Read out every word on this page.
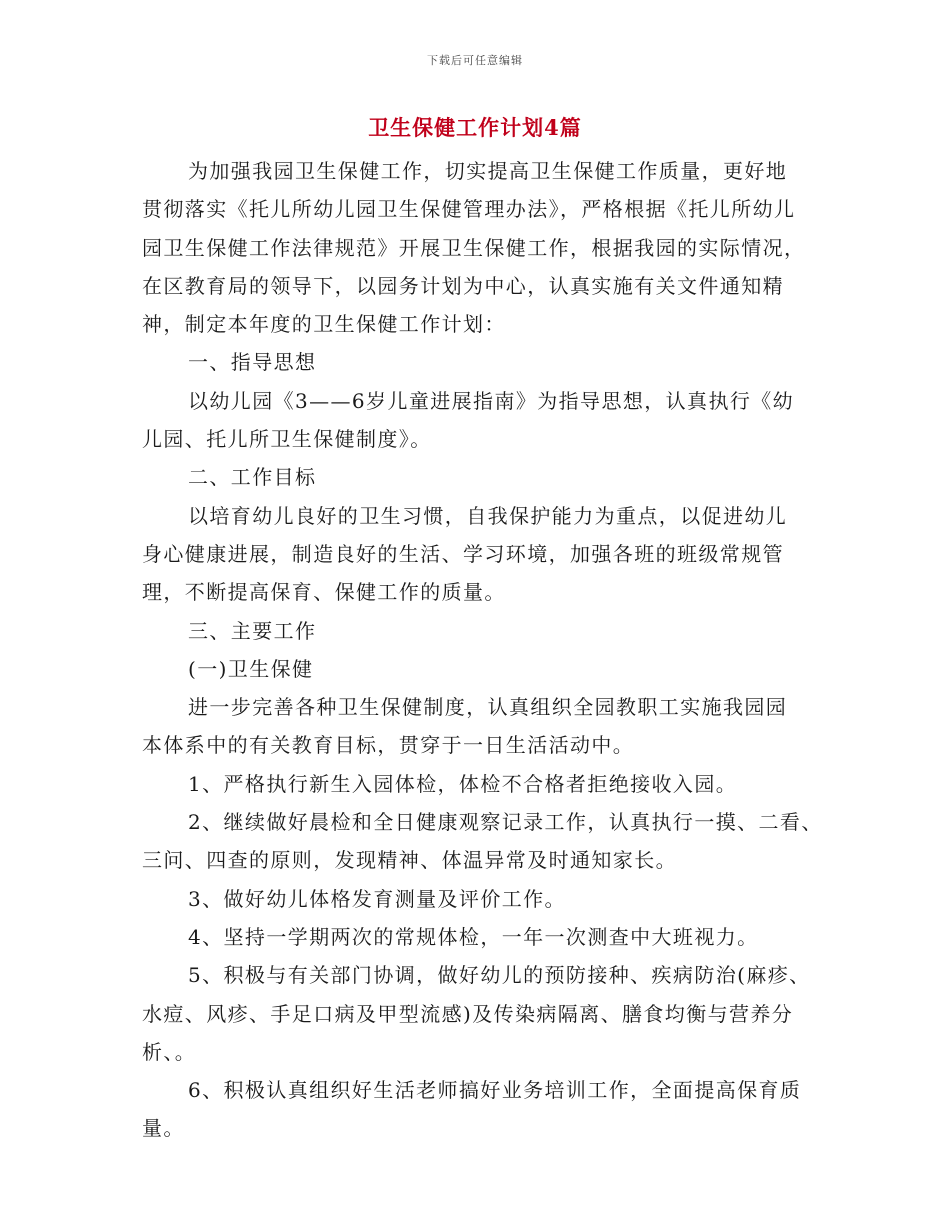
下载后可任意编辑
卫生保健工作计划4篇
为加强我园卫生保健工作，切实提高卫生保健工作质量，更好地
贯彻落实《托儿所幼儿园卫生保健管理办法》，严格根据《托儿所幼儿
园卫生保健工作法律规范》开展卫生保健工作，根据我园的实际情况，
在区教育局的领导下，以园务计划为中心，认真实施有关文件通知精
神，制定本年度的卫生保健工作计划：
一、指导思想
以幼儿园《3——6岁儿童进展指南》为指导思想，认真执行《幼
儿园、托儿所卫生保健制度》。
二、工作目标
以培育幼儿良好的卫生习惯，自我保护能力为重点，以促进幼儿
身心健康进展，制造良好的生活、学习环境，加强各班的班级常规管
理，不断提高保育、保健工作的质量。
三、主要工作
(一)卫生保健
进一步完善各种卫生保健制度，认真组织全园教职工实施我园园
本体系中的有关教育目标，贯穿于一日生活活动中。
1、严格执行新生入园体检，体检不合格者拒绝接收入园。
2、继续做好晨检和全日健康观察记录工作，认真执行一摸、二看、
三问、四查的原则，发现精神、体温异常及时通知家长。
3、做好幼儿体格发育测量及评价工作。
4、坚持一学期两次的常规体检，一年一次测查中大班视力。
5、积极与有关部门协调，做好幼儿的预防接种、疾病防治(麻疹、
水痘、风疹、手足口病及甲型流感)及传染病隔离、膳食均衡与营养分
析、。
6、积极认真组织好生活老师搞好业务培训工作，全面提高保育质
量。
